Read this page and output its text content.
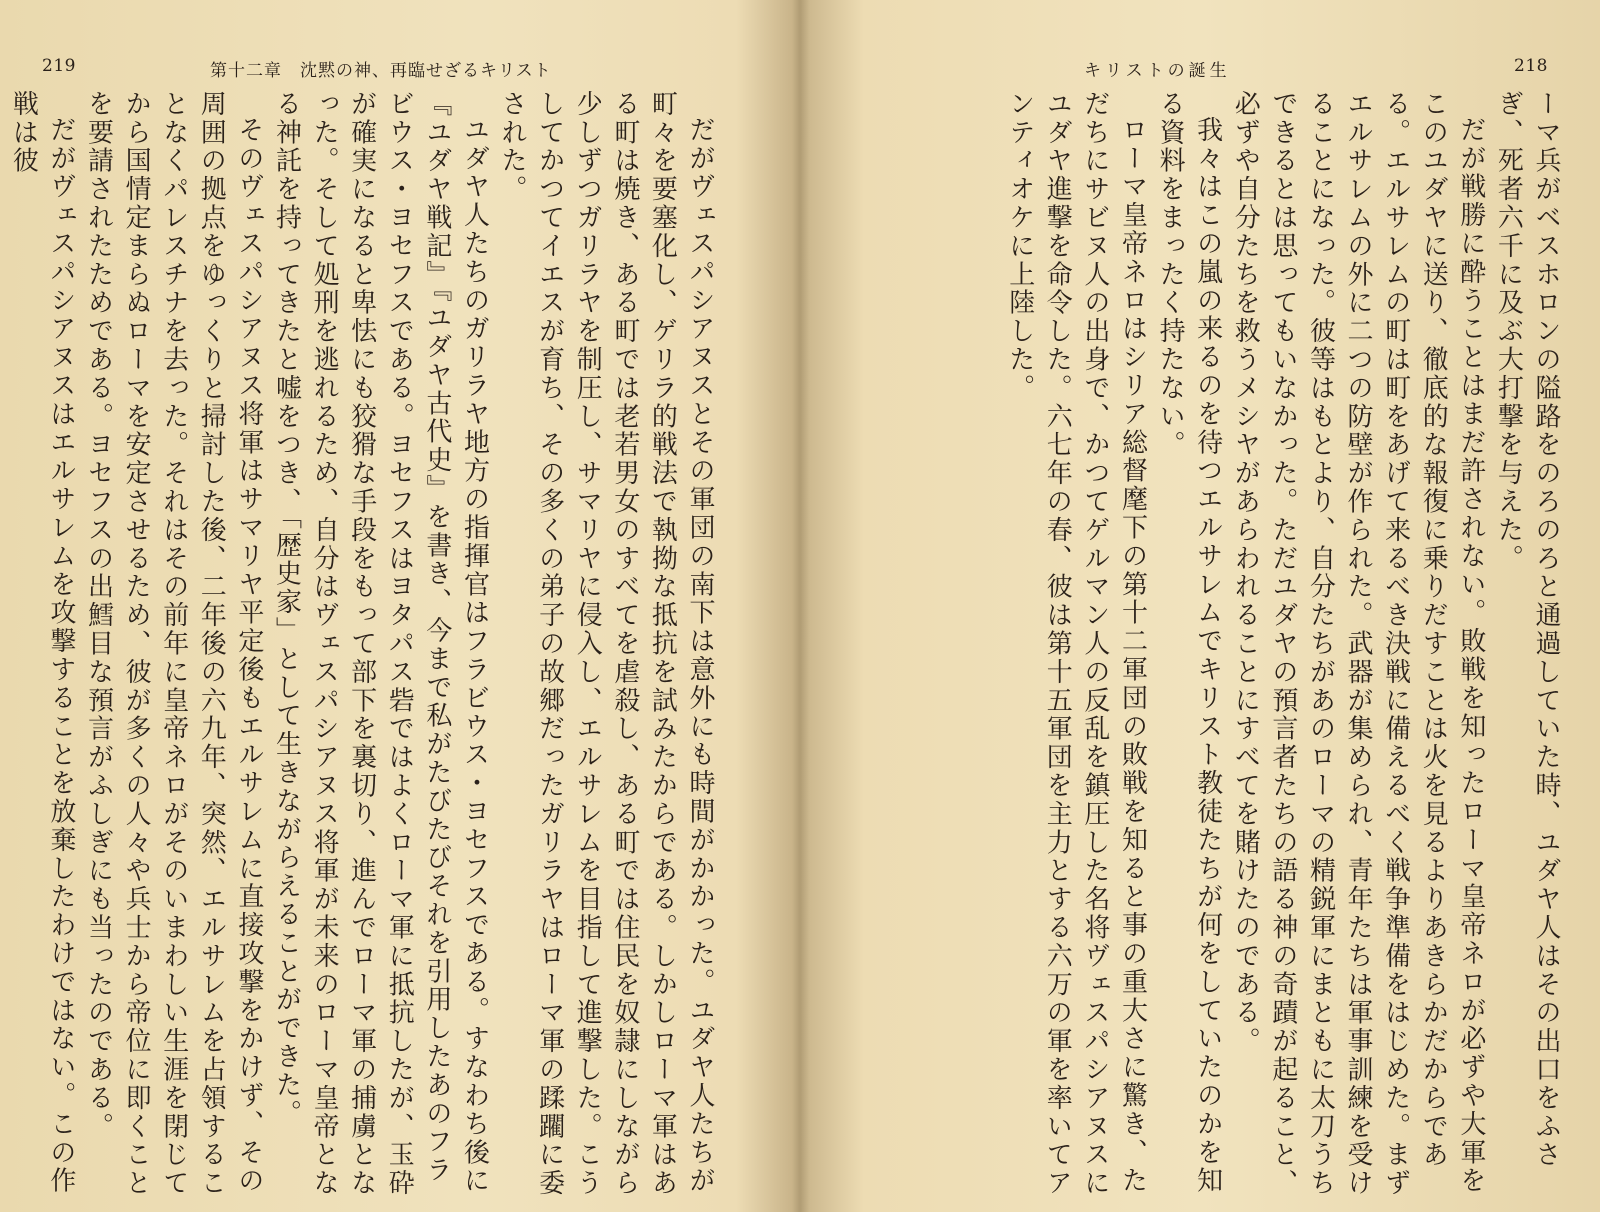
219	第十二章　沈黙の神、再臨せざるキリスト

だがヴェスパシアヌスとその軍団の南下は意外にも時間がかかった。ユダヤ人たちが町々を要塞化し、ゲリラ的戦法で執拗な抵抗を試みたからである。しかしローマ軍はある町は焼き、ある町では老若男女のすべてを虐殺し、ある町では住民を奴隷にしながら少しずつガリラヤを制圧し、サマリヤに侵入し、エルサレムを目指して進撃した。こうしてかつてイエスが育ち、その多くの弟子の故郷だったガリラヤはローマ軍の蹂躙に委された。

ユダヤ人たちのガリラヤ地方の指揮官はフラビウス・ヨセフスである。すなわち後に『ユダヤ戦記』『ユダヤ古代史』を書き、今まで私がたびたびそれを引用したあのフラビウス・ヨセフスである。ヨセフスはヨタパス砦ではよくローマ軍に抵抗したが、玉砕が確実になると卑怯にも狡猾な手段をもって部下を裏切り、進んでローマ軍の捕虜となった。そして処刑を逃れるため、自分はヴェスパシアヌス将軍が未来のローマ皇帝となる神託を持ってきたと嘘をつき、「歴史家」として生きながらえることができた。

そのヴェスパシアヌス将軍はサマリヤ平定後もエルサレムに直接攻撃をかけず、その周囲の拠点をゆっくりと掃討した後、二年後の六九年、突然、エルサレムを占領することなくパレスチナを去った。それはその前年に皇帝ネロがそのいまわしい生涯を閉じてから国情定まらぬローマを安定させるため、彼が多くの人々や兵士から帝位に即くことを要請されたためである。ヨセフスの出鱈目な預言がふしぎにも当ったのである。

だがヴェスパシアヌスはエルサレムを攻撃することを放棄したわけではない。この作戦は彼

218
キリストの誕生

ーマ兵がベスホロンの隘路をのろのろと通過していた時、ユダヤ人はその出口をふさぎ、死者六千に及ぶ大打撃を与えた。

だが戦勝に酔うことはまだ許されない。敗戦を知ったローマ皇帝ネロが必ずや大軍をこのユダヤに送り、徹底的な報復に乗りだすことは火を見るよりあきらかだからである。エルサレムの町は町をあげて来るべき決戦に備えるべく戦争準備をはじめた。まずエルサレムの外に二つの防壁が作られた。武器が集められ、青年たちは軍事訓練を受けることになった。彼等はもとより、自分たちがあのローマの精鋭軍にまともに太刀うちできるとは思ってもいなかった。ただユダヤの預言者たちの語る神の奇蹟が起ること、必ずや自分たちを救うメシヤがあらわれることにすべてを賭けたのである。

我々はこの嵐の来るのを待つエルサレムでキリスト教徒たちが何をしていたのかを知る資料をまったく持たない。

ローマ皇帝ネロはシリア総督麾下の第十二軍団の敗戦を知ると事の重大さに驚き、ただちにサビヌ人の出身で、かつてゲルマン人の反乱を鎮圧した名将ヴェスパシアヌスにユダヤ進撃を命令した。六七年の春、彼は第十五軍団を主力とする六万の軍を率いてアンティオケに上陸した。
